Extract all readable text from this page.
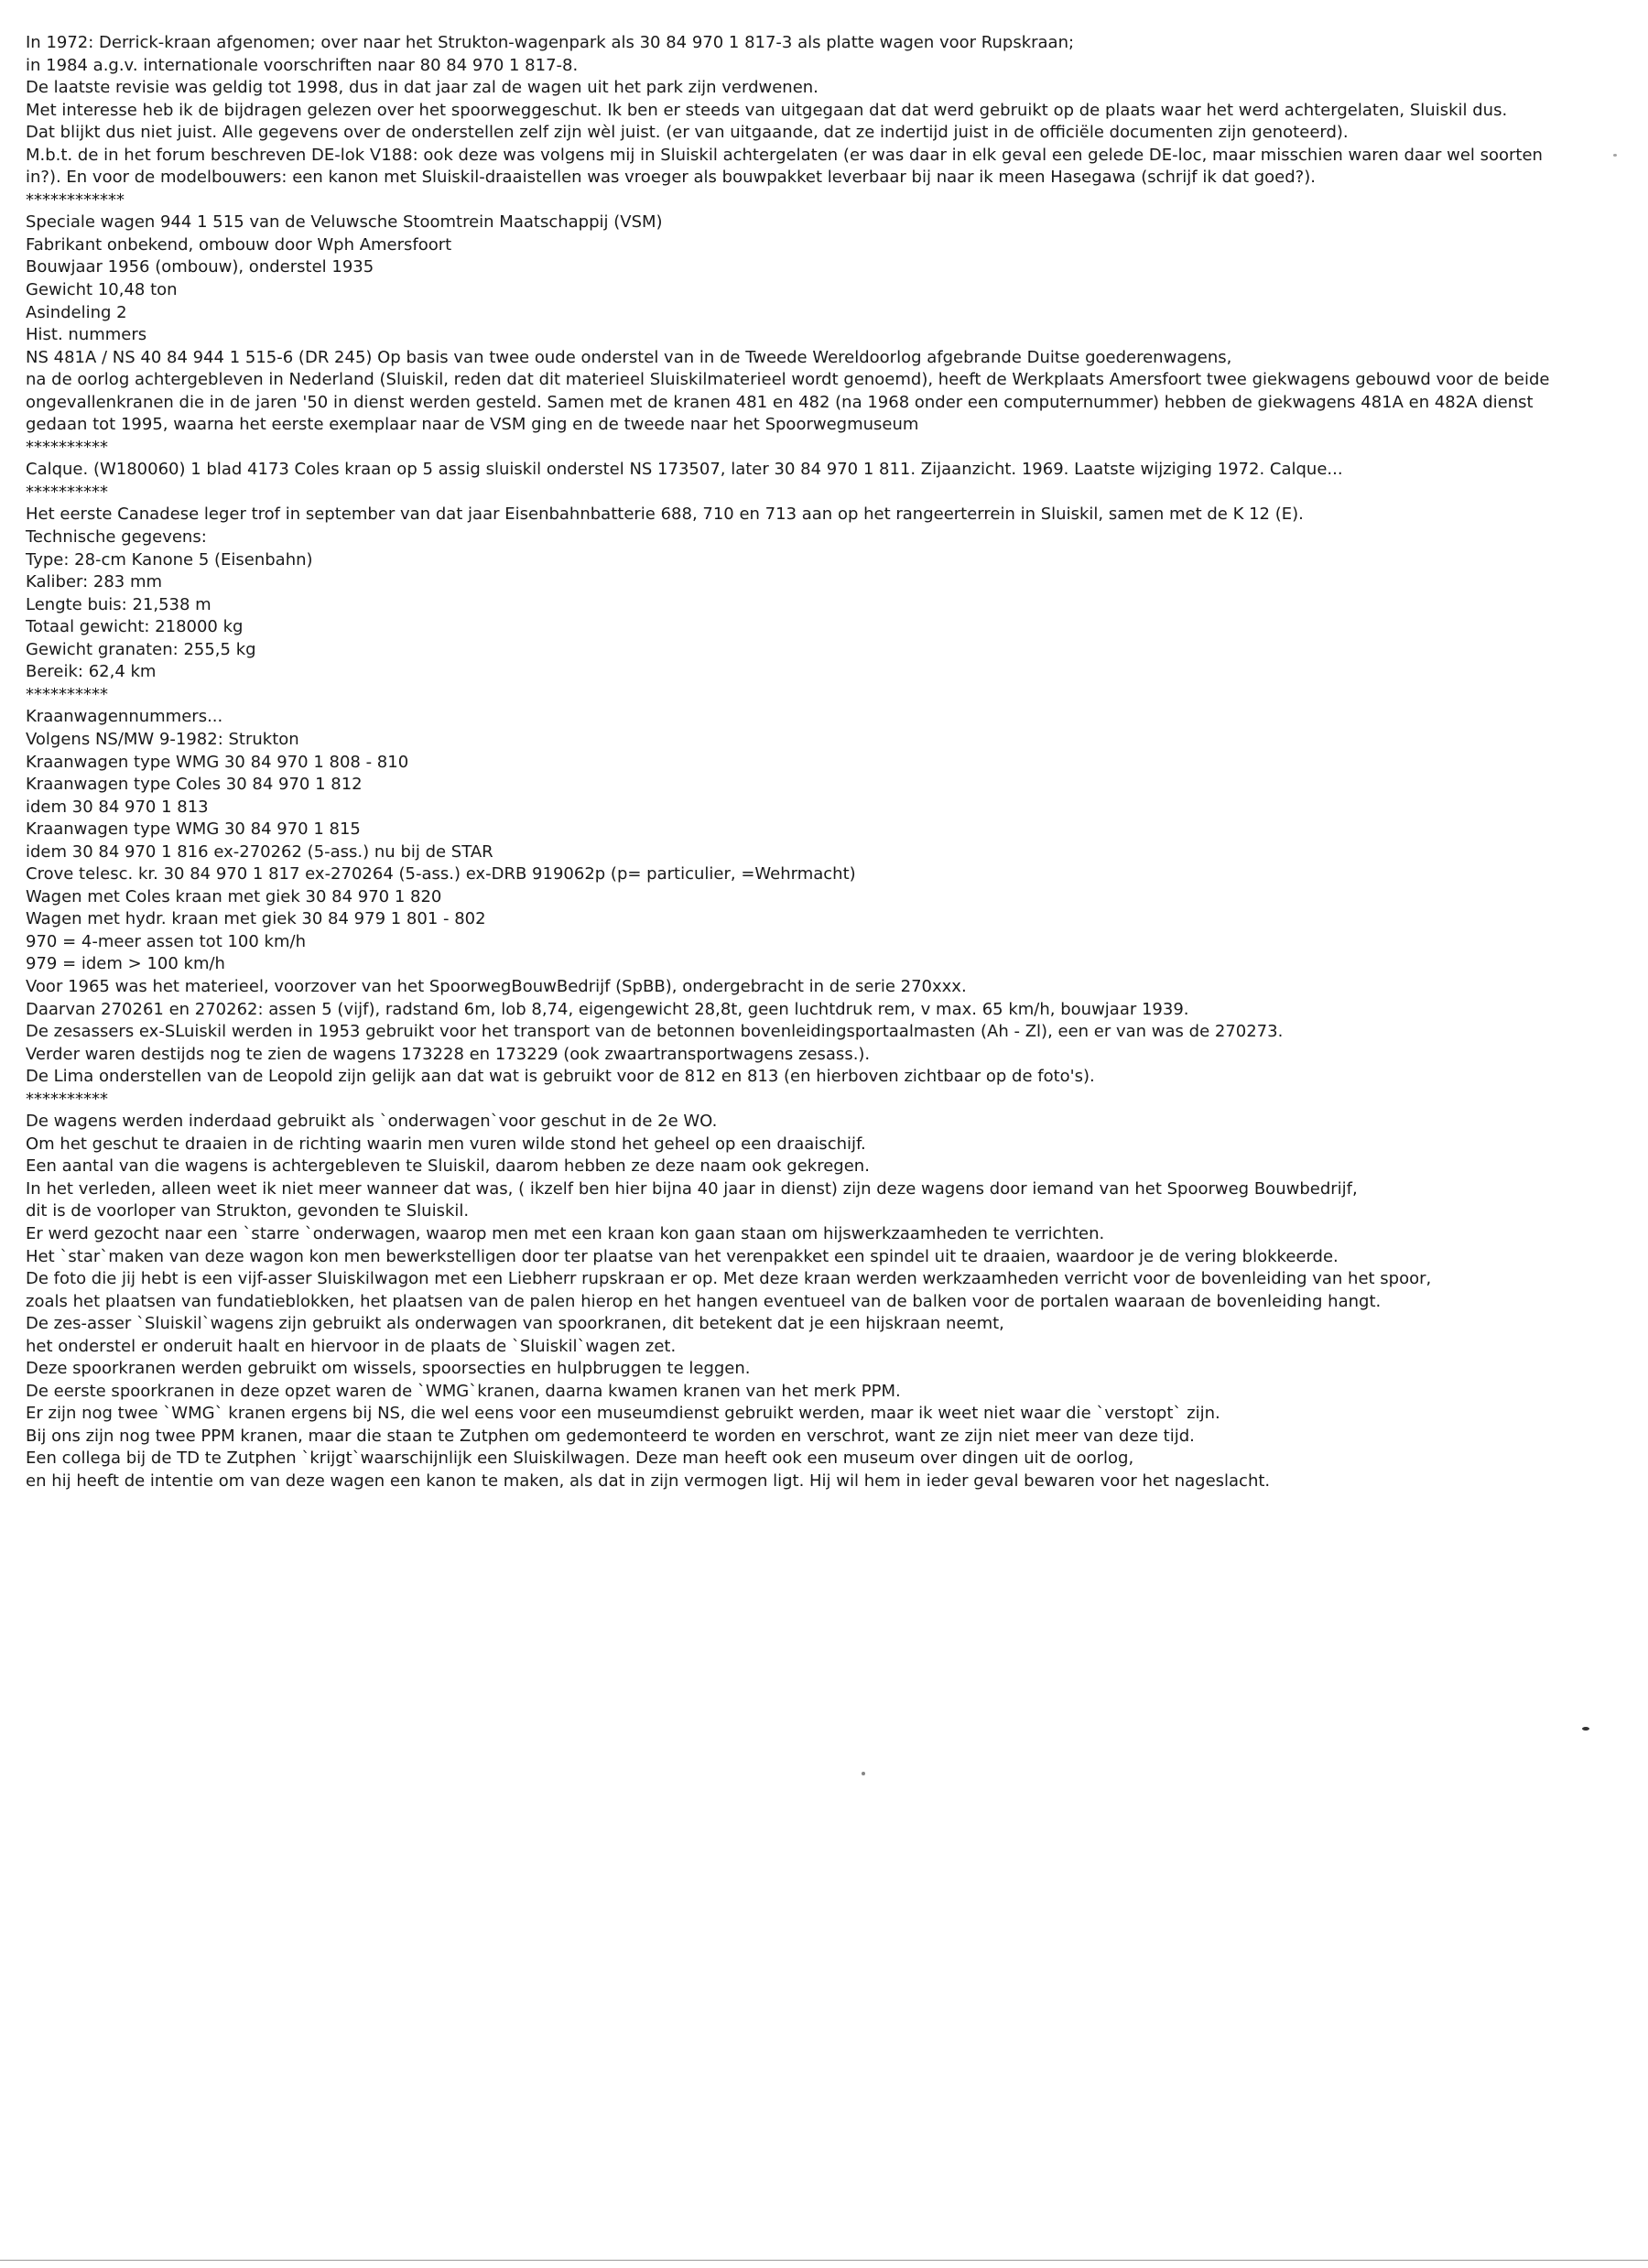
In 1972: Derrick-kraan afgenomen; over naar het Strukton-wagenpark als 30 84 970 1 817-3 als platte wagen voor Rupskraan;
in 1984 a.g.v. internationale voorschriften naar 80 84 970 1 817-8.
De laatste revisie was geldig tot 1998, dus in dat jaar zal de wagen uit het park zijn verdwenen.
Met interesse heb ik de bijdragen gelezen over het spoorweggeschut. Ik ben er steeds van uitgegaan dat dat werd gebruikt op de plaats waar het werd achtergelaten, Sluiskil dus.
Dat blijkt dus niet juist. Alle gegevens over de onderstellen zelf zijn wèl juist. (er van uitgaande, dat ze indertijd juist in de officiële documenten zijn genoteerd).
M.b.t. de in het forum beschreven DE-lok V188: ook deze was volgens mij in Sluiskil achtergelaten (er was daar in elk geval een gelede DE-loc, maar misschien waren daar wel soorten
in?). En voor de modelbouwers: een kanon met Sluiskil-draaistellen was vroeger als bouwpakket leverbaar bij naar ik meen Hasegawa (schrijf ik dat goed?).
************
Speciale wagen 944 1 515 van de Veluwsche Stoomtrein Maatschappij (VSM)
Fabrikant onbekend, ombouw door Wph Amersfoort
Bouwjaar 1956 (ombouw), onderstel 1935
Gewicht 10,48 ton
Asindeling 2
Hist. nummers
NS 481A / NS 40 84 944 1 515-6 (DR 245) Op basis van twee oude onderstel van in de Tweede Wereldoorlog afgebrande Duitse goederenwagens,
na de oorlog achtergebleven in Nederland (Sluiskil, reden dat dit materieel Sluiskilmaterieel wordt genoemd), heeft de Werkplaats Amersfoort twee giekwagens gebouwd voor de beide
ongevallenkranen die in de jaren '50 in dienst werden gesteld. Samen met de kranen 481 en 482 (na 1968 onder een computernummer) hebben de giekwagens 481A en 482A dienst
gedaan tot 1995, waarna het eerste exemplaar naar de VSM ging en de tweede naar het Spoorwegmuseum
**********
Calque. (W180060) 1 blad 4173 Coles kraan op 5 assig sluiskil onderstel NS 173507, later 30 84 970 1 811. Zijaanzicht. 1969. Laatste wijziging 1972. Calque...
**********
Het eerste Canadese leger trof in september van dat jaar Eisenbahnbatterie 688, 710 en 713 aan op het rangeerterrein in Sluiskil, samen met de K 12 (E).
Technische gegevens:
Type: 28-cm Kanone 5 (Eisenbahn)
Kaliber: 283 mm
Lengte buis: 21,538 m
Totaal gewicht: 218000 kg
Gewicht granaten: 255,5 kg
Bereik: 62,4 km
**********
Kraanwagennummers...
Volgens NS/MW 9-1982: Strukton
Kraanwagen type WMG 30 84 970 1 808 - 810
Kraanwagen type Coles 30 84 970 1 812
idem 30 84 970 1 813
Kraanwagen type WMG 30 84 970 1 815
idem 30 84 970 1 816 ex-270262 (5-ass.) nu bij de STAR
Crove telesc. kr. 30 84 970 1 817 ex-270264 (5-ass.) ex-DRB 919062p (p= particulier, =Wehrmacht)
Wagen met Coles kraan met giek 30 84 970 1 820
Wagen met hydr. kraan met giek 30 84 979 1 801 - 802
970 = 4-meer assen tot 100 km/h
979 = idem > 100 km/h
Voor 1965 was het materieel, voorzover van het SpoorwegBouwBedrijf (SpBB), ondergebracht in de serie 270xxx.
Daarvan 270261 en 270262: assen 5 (vijf), radstand 6m, lob 8,74, eigengewicht 28,8t, geen luchtdruk rem, v max. 65 km/h, bouwjaar 1939.
De zesassers ex-SLuiskil werden in 1953 gebruikt voor het transport van de betonnen bovenleidingsportaalmasten (Ah - Zl), een er van was de 270273.
Verder waren destijds nog te zien de wagens 173228 en 173229 (ook zwaartransportwagens zesass.).
De Lima onderstellen van de Leopold zijn gelijk aan dat wat is gebruikt voor de 812 en 813 (en hierboven zichtbaar op de foto's).
**********
De wagens werden inderdaad gebruikt als `onderwagen`voor geschut in de 2e WO.
Om het geschut te draaien in de richting waarin men vuren wilde stond het geheel op een draaischijf.
Een aantal van die wagens is achtergebleven te Sluiskil, daarom hebben ze deze naam ook gekregen.
In het verleden, alleen weet ik niet meer wanneer dat was, ( ikzelf ben hier bijna 40 jaar in dienst) zijn deze wagens door iemand van het Spoorweg Bouwbedrijf,
dit is de voorloper van Strukton, gevonden te Sluiskil.
Er werd gezocht naar een `starre `onderwagen, waarop men met een kraan kon gaan staan om hijswerkzaamheden te verrichten.
Het `star`maken van deze wagon kon men bewerkstelligen door ter plaatse van het verenpakket een spindel uit te draaien, waardoor je de vering blokkeerde.
De foto die jij hebt is een vijf-asser Sluiskilwagon met een Liebherr rupskraan er op. Met deze kraan werden werkzaamheden verricht voor de bovenleiding van het spoor,
zoals het plaatsen van fundatieblokken, het plaatsen van de palen hierop en het hangen eventueel van de balken voor de portalen waaraan de bovenleiding hangt.
De zes-asser `Sluiskil`wagens zijn gebruikt als onderwagen van spoorkranen, dit betekent dat je een hijskraan neemt,
het onderstel er onderuit haalt en hiervoor in de plaats de `Sluiskil`wagen zet.
Deze spoorkranen werden gebruikt om wissels, spoorsecties en hulpbruggen te leggen.
De eerste spoorkranen in deze opzet waren de `WMG`kranen, daarna kwamen kranen van het merk PPM.
Er zijn nog twee `WMG` kranen ergens bij NS, die wel eens voor een museumdienst gebruikt werden, maar ik weet niet waar die `verstopt` zijn.
Bij ons zijn nog twee PPM kranen, maar die staan te Zutphen om gedemonteerd te worden en verschrot, want ze zijn niet meer van deze tijd.
Een collega bij de TD te Zutphen `krijgt`waarschijnlijk een Sluiskilwagen. Deze man heeft ook een museum over dingen uit de oorlog,
en hij heeft de intentie om van deze wagen een kanon te maken, als dat in zijn vermogen ligt. Hij wil hem in ieder geval bewaren voor het nageslacht.
